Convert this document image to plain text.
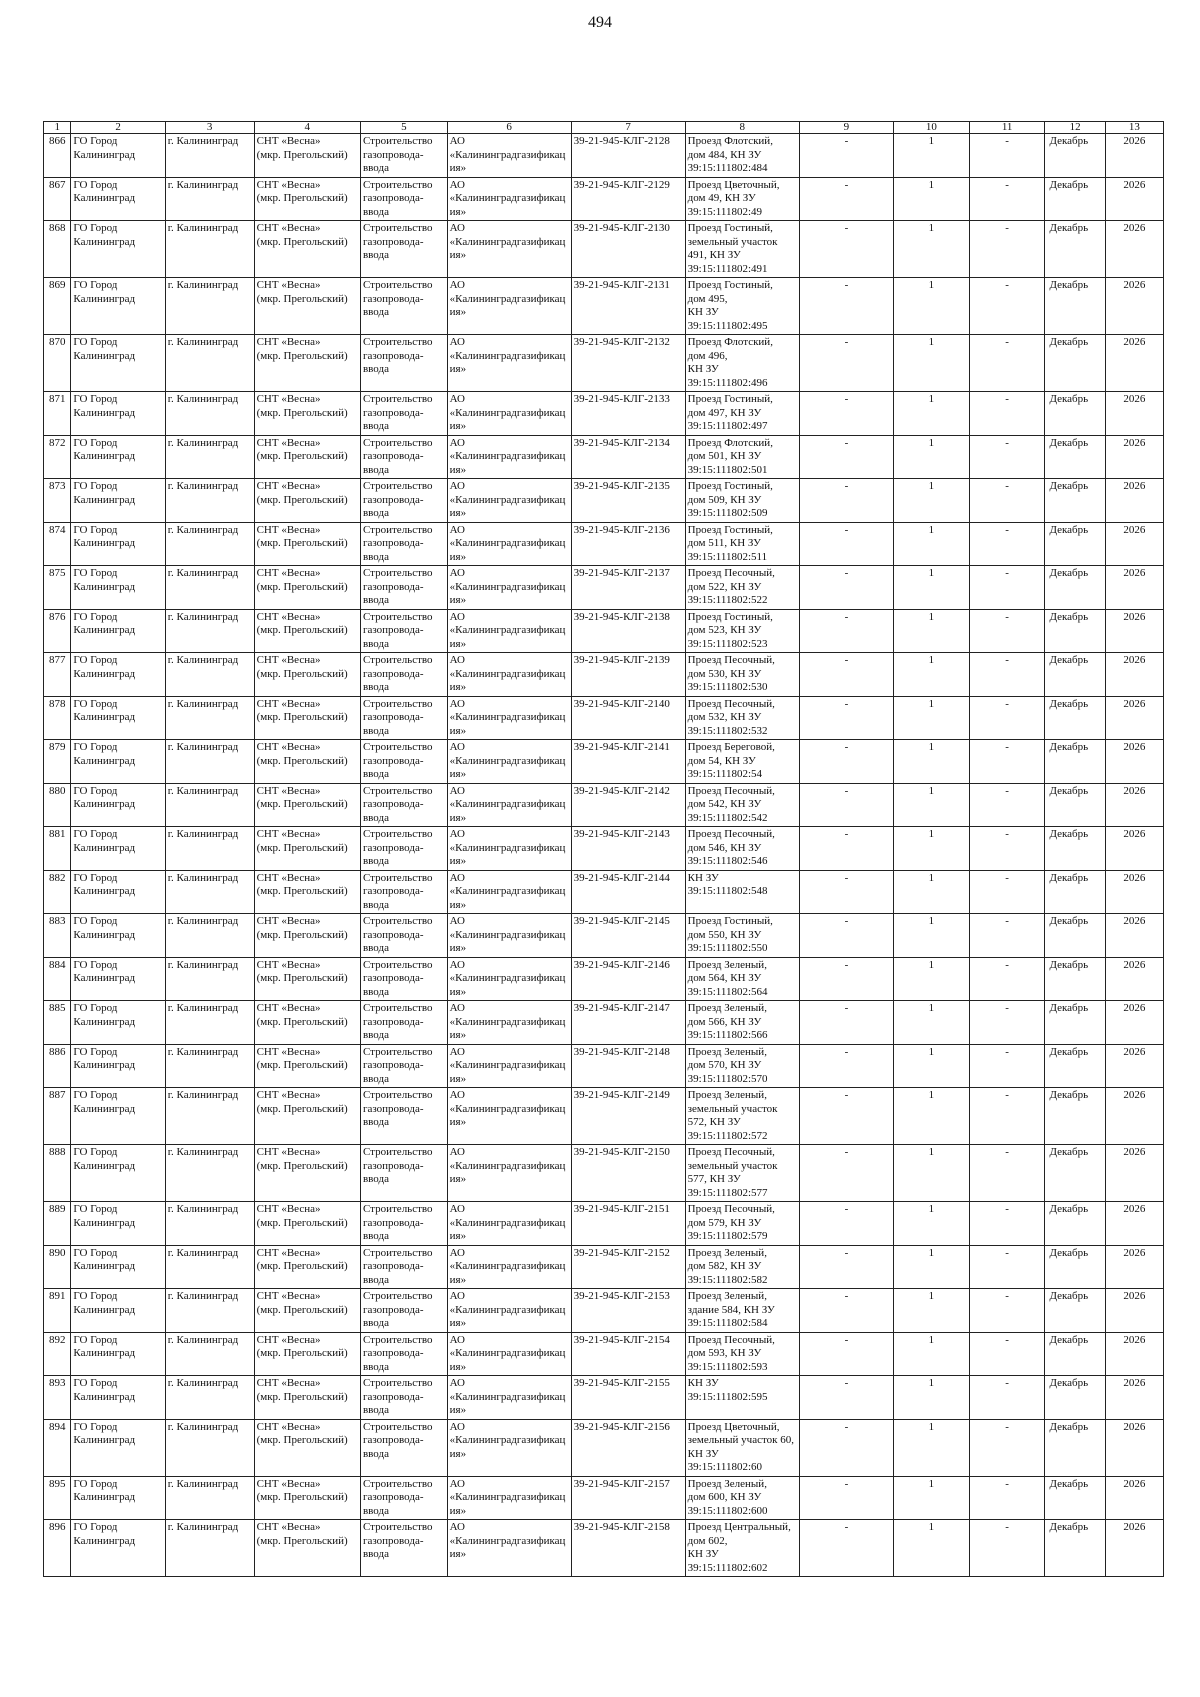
494
1	2	3	4	5	6	7	8	9	10	11	12	13
866	ГО Город
Калининград	г. Калининград	СНТ «Весна»
(мкр. Прегольский)	Строительство
газопровода-ввода	АО «Калининградгазификация»	39-21-945-КЛГ-2128	Проезд Флотский,
дом 484, КН ЗУ
39:15:111802:484	-	1	-	Декабрь	2026
867	ГО Город
Калининград	г. Калининград	СНТ «Весна»
(мкр. Прегольский)	Строительство
газопровода-ввода	АО «Калининградгазификация»	39-21-945-КЛГ-2129	Проезд Цветочный,
дом 49, КН ЗУ
39:15:111802:49	-	1	-	Декабрь	2026
868	ГО Город
Калининград	г. Калининград	СНТ «Весна»
(мкр. Прегольский)	Строительство
газопровода-ввода	АО «Калининградгазификация»	39-21-945-КЛГ-2130	Проезд Гостиный,
земельный участок 491, КН ЗУ
39:15:111802:491	-	1	-	Декабрь	2026
869	ГО Город
Калининград	г. Калининград	СНТ «Весна»
(мкр. Прегольский)	Строительство
газопровода-ввода	АО «Калининградгазификация»	39-21-945-КЛГ-2131	Проезд Гостиный,
дом 495,
КН ЗУ
39:15:111802:495	-	1	-	Декабрь	2026
870	ГО Город
Калининград	г. Калининград	СНТ «Весна»
(мкр. Прегольский)	Строительство
газопровода-ввода	АО «Калининградгазификация»	39-21-945-КЛГ-2132	Проезд Флотский,
дом 496,
КН ЗУ
39:15:111802:496	-	1	-	Декабрь	2026
871	ГО Город
Калининград	г. Калининград	СНТ «Весна»
(мкр. Прегольский)	Строительство
газопровода-ввода	АО «Калининградгазификация»	39-21-945-КЛГ-2133	Проезд Гостиный,
дом 497, КН ЗУ
39:15:111802:497	-	1	-	Декабрь	2026
872	ГО Город
Калининград	г. Калининград	СНТ «Весна»
(мкр. Прегольский)	Строительство
газопровода-ввода	АО «Калининградгазификация»	39-21-945-КЛГ-2134	Проезд Флотский,
дом 501, КН ЗУ
39:15:111802:501	-	1	-	Декабрь	2026
873	ГО Город
Калининград	г. Калининград	СНТ «Весна»
(мкр. Прегольский)	Строительство
газопровода-ввода	АО «Калининградгазификация»	39-21-945-КЛГ-2135	Проезд Гостиный,
дом 509, КН ЗУ
39:15:111802:509	-	1	-	Декабрь	2026
874	ГО Город
Калининград	г. Калининград	СНТ «Весна»
(мкр. Прегольский)	Строительство
газопровода-ввода	АО «Калининградгазификация»	39-21-945-КЛГ-2136	Проезд Гостиный,
дом 511, КН ЗУ
39:15:111802:511	-	1	-	Декабрь	2026
875	ГО Город
Калининград	г. Калининград	СНТ «Весна»
(мкр. Прегольский)	Строительство
газопровода-ввода	АО «Калининградгазификация»	39-21-945-КЛГ-2137	Проезд Песочный,
дом 522, КН ЗУ
39:15:111802:522	-	1	-	Декабрь	2026
876	ГО Город
Калининград	г. Калининград	СНТ «Весна»
(мкр. Прегольский)	Строительство
газопровода-ввода	АО «Калининградгазификация»	39-21-945-КЛГ-2138	Проезд Гостиный,
дом 523, КН ЗУ
39:15:111802:523	-	1	-	Декабрь	2026
877	ГО Город
Калининград	г. Калининград	СНТ «Весна»
(мкр. Прегольский)	Строительство
газопровода-ввода	АО «Калининградгазификация»	39-21-945-КЛГ-2139	Проезд Песочный,
дом 530, КН ЗУ
39:15:111802:530	-	1	-	Декабрь	2026
878	ГО Город
Калининград	г. Калининград	СНТ «Весна»
(мкр. Прегольский)	Строительство
газопровода-ввода	АО «Калининградгазификация»	39-21-945-КЛГ-2140	Проезд Песочный,
дом 532, КН ЗУ
39:15:111802:532	-	1	-	Декабрь	2026
879	ГО Город
Калининград	г. Калининград	СНТ «Весна»
(мкр. Прегольский)	Строительство
газопровода-ввода	АО «Калининградгазификация»	39-21-945-КЛГ-2141	Проезд Береговой,
дом 54, КН ЗУ
39:15:111802:54	-	1	-	Декабрь	2026
880	ГО Город
Калининград	г. Калининград	СНТ «Весна»
(мкр. Прегольский)	Строительство
газопровода-ввода	АО «Калининградгазификация»	39-21-945-КЛГ-2142	Проезд Песочный,
дом 542, КН ЗУ
39:15:111802:542	-	1	-	Декабрь	2026
881	ГО Город
Калининград	г. Калининград	СНТ «Весна»
(мкр. Прегольский)	Строительство
газопровода-ввода	АО «Калининградгазификация»	39-21-945-КЛГ-2143	Проезд Песочный,
дом 546, КН ЗУ
39:15:111802:546	-	1	-	Декабрь	2026
882	ГО Город
Калининград	г. Калининград	СНТ «Весна»
(мкр. Прегольский)	Строительство
газопровода-ввода	АО «Калининградгазификация»	39-21-945-КЛГ-2144	КН ЗУ
39:15:111802:548	-	1	-	Декабрь	2026
883	ГО Город
Калининград	г. Калининград	СНТ «Весна»
(мкр. Прегольский)	Строительство
газопровода-ввода	АО «Калининградгазификация»	39-21-945-КЛГ-2145	Проезд Гостиный,
дом 550, КН ЗУ
39:15:111802:550	-	1	-	Декабрь	2026
884	ГО Город
Калининград	г. Калининград	СНТ «Весна»
(мкр. Прегольский)	Строительство
газопровода-ввода	АО «Калининградгазификация»	39-21-945-КЛГ-2146	Проезд Зеленый,
дом 564, КН ЗУ
39:15:111802:564	-	1	-	Декабрь	2026
885	ГО Город
Калининград	г. Калининград	СНТ «Весна»
(мкр. Прегольский)	Строительство
газопровода-ввода	АО «Калининградгазификация»	39-21-945-КЛГ-2147	Проезд Зеленый,
дом 566, КН ЗУ
39:15:111802:566	-	1	-	Декабрь	2026
886	ГО Город
Калининград	г. Калининград	СНТ «Весна»
(мкр. Прегольский)	Строительство
газопровода-ввода	АО «Калининградгазификация»	39-21-945-КЛГ-2148	Проезд Зеленый,
дом 570, КН ЗУ
39:15:111802:570	-	1	-	Декабрь	2026
887	ГО Город
Калининград	г. Калининград	СНТ «Весна»
(мкр. Прегольский)	Строительство
газопровода-ввода	АО «Калининградгазификация»	39-21-945-КЛГ-2149	Проезд Зеленый,
земельный участок 572, КН ЗУ
39:15:111802:572	-	1	-	Декабрь	2026
888	ГО Город
Калининград	г. Калининград	СНТ «Весна»
(мкр. Прегольский)	Строительство
газопровода-ввода	АО «Калининградгазификация»	39-21-945-КЛГ-2150	Проезд Песочный,
земельный участок 577, КН ЗУ
39:15:111802:577	-	1	-	Декабрь	2026
889	ГО Город
Калининград	г. Калининград	СНТ «Весна»
(мкр. Прегольский)	Строительство
газопровода-ввода	АО «Калининградгазификация»	39-21-945-КЛГ-2151	Проезд Песочный,
дом 579, КН ЗУ
39:15:111802:579	-	1	-	Декабрь	2026
890	ГО Город
Калининград	г. Калининград	СНТ «Весна»
(мкр. Прегольский)	Строительство
газопровода-ввода	АО «Калининградгазификация»	39-21-945-КЛГ-2152	Проезд Зеленый,
дом 582, КН ЗУ
39:15:111802:582	-	1	-	Декабрь	2026
891	ГО Город
Калининград	г. Калининград	СНТ «Весна»
(мкр. Прегольский)	Строительство
газопровода-ввода	АО «Калининградгазификация»	39-21-945-КЛГ-2153	Проезд Зеленый,
здание 584, КН ЗУ
39:15:111802:584	-	1	-	Декабрь	2026
892	ГО Город
Калининград	г. Калининград	СНТ «Весна»
(мкр. Прегольский)	Строительство
газопровода-ввода	АО «Калининградгазификация»	39-21-945-КЛГ-2154	Проезд Песочный,
дом 593, КН ЗУ
39:15:111802:593	-	1	-	Декабрь	2026
893	ГО Город
Калининград	г. Калининград	СНТ «Весна»
(мкр. Прегольский)	Строительство
газопровода-ввода	АО «Калининградгазификация»	39-21-945-КЛГ-2155	КН ЗУ
39:15:111802:595	-	1	-	Декабрь	2026
894	ГО Город
Калининград	г. Калининград	СНТ «Весна»
(мкр. Прегольский)	Строительство
газопровода-ввода	АО «Калининградгазификация»	39-21-945-КЛГ-2156	Проезд Цветочный,
земельный участок 60, КН ЗУ
39:15:111802:60	-	1	-	Декабрь	2026
895	ГО Город
Калининград	г. Калининград	СНТ «Весна»
(мкр. Прегольский)	Строительство
газопровода-ввода	АО «Калининградгазификация»	39-21-945-КЛГ-2157	Проезд Зеленый,
дом 600, КН ЗУ
39:15:111802:600	-	1	-	Декабрь	2026
896	ГО Город
Калининград	г. Калининград	СНТ «Весна»
(мкр. Прегольский)	Строительство
газопровода-ввода	АО «Калининградгазификация»	39-21-945-КЛГ-2158	Проезд Центральный, дом 602,
КН ЗУ
39:15:111802:602	-	1	-	Декабрь	2026
